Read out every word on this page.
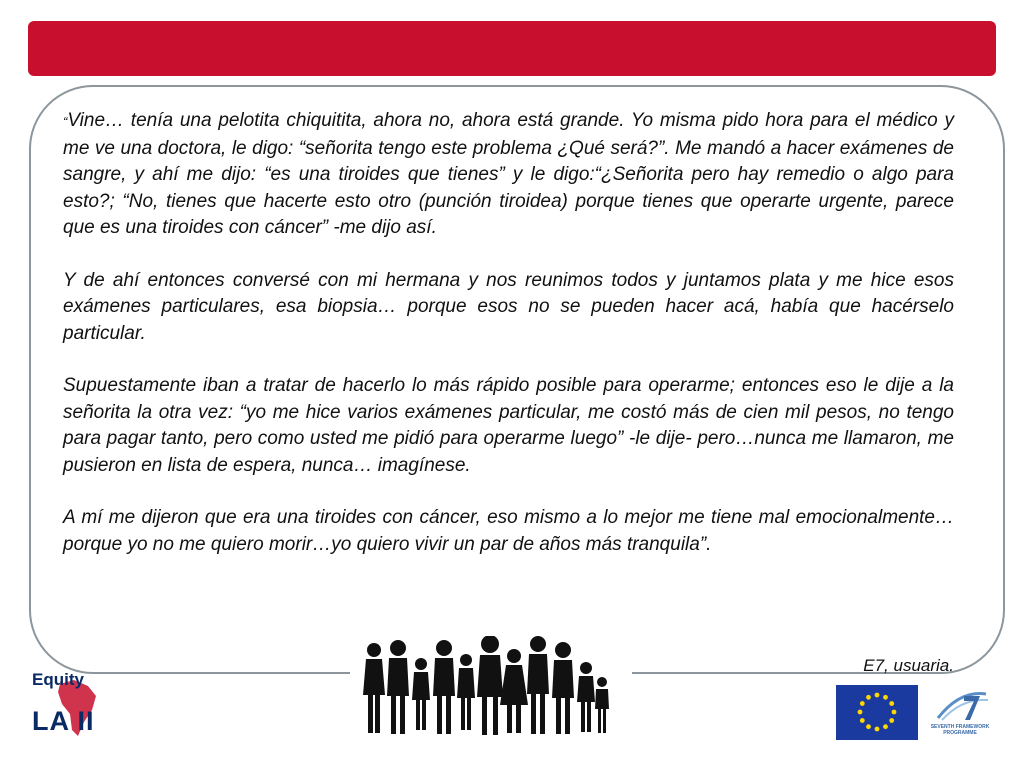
“Vine… tenía una pelotita chiquitita, ahora no, ahora está grande. Yo misma pido hora para el médico y me ve una doctora, le digo: “señorita tengo este problema ¿Qué será?”. Me mandó a hacer exámenes de sangre, y ahí me dijo: “es una tiroides que tienes” y le digo:“¿Señorita pero hay remedio o algo para esto?; “No, tienes que hacerte esto otro (punción tiroidea) porque tienes que operarte urgente, parece que es una tiroides con cáncer” -me dijo así.

Y de ahí entonces conversé con mi hermana y nos reunimos todos y juntamos plata y me hice esos exámenes particulares, esa biopsia… porque esos no se pueden hacer acá, había que hacérselo particular.

Supuestamente iban a tratar de hacerlo lo más rápido posible para operarme; entonces eso le dije a la señorita la otra vez: “yo me hice varios exámenes particular, me costó más de cien mil pesos, no tengo para pagar tanto, pero como usted me pidió para operarme luego” -le dije- pero…nunca me llamaron, me pusieron en lista de espera, nunca… imagínese.

A mí me dijeron que era una tiroides con cáncer, eso mismo a lo mejor me tiene mal emocionalmente…porque yo no me quiero morir…yo quiero vivir un par de años más tranquila”.

E7, usuaria.
Equity
LA II	SEVENTH FRAMEWORK PROGRAMME
